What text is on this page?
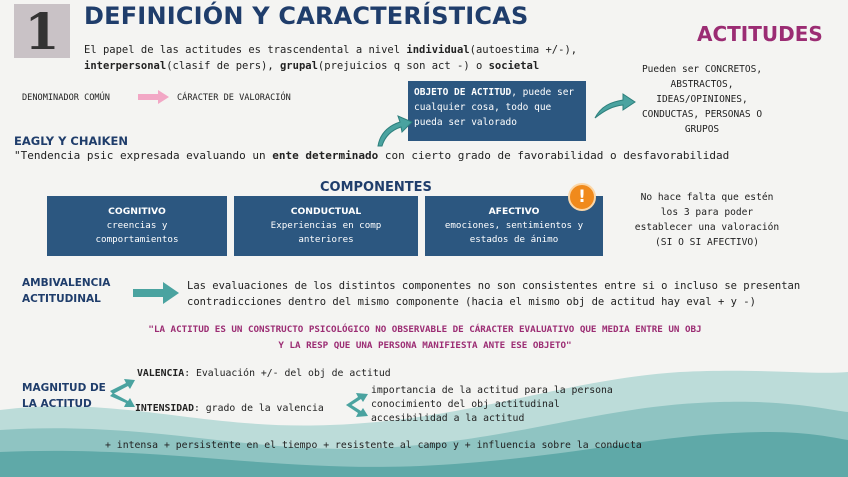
1 DEFINICIÓN Y CARACTERÍSTICAS
ACTITUDES
El papel de las actitudes es trascendental a nivel individual(autoestima +/-),
interpersonal(clasif de pers), grupal(prejuicios q son act -) o societal	Pueden ser CONCRETOS,
ABSTRACTOS,
IDEAS/OPINIONES,
CONDUCTAS, PERSONAS O
GRUPOS
DENOMINADOR COMÚN	CÁRACTER DE VALORACIÓN	OBJETO DE ACTITUD, puede ser cualquier cosa, todo que pueda ser valorado
EAGLY Y CHAIKEN
"Tendencia psic expresada evaluando un ente determinado con cierto grado de favorabilidad o desfavorabilidad
COMPONENTES
COGNITIVO
creencias y
comportamientos
CONDUCTUAL
Experiencias en comp
anteriores
AFECTIVO
emociones, sentimientos y
estados de ánimo
!	No hace falta que estén
los 3 para poder
establecer una valoración
(SI O SI AFECTIVO)
AMBIVALENCIA
ACTITUDINAL
Las evaluaciones de los distintos componentes no son consistentes entre si o incluso se presentan
contradicciones dentro del mismo componente (hacia el mismo obj de actitud hay eval + y -)
"LA ACTITUD ES UN CONSTRUCTO PSICOLÓGICO NO OBSERVABLE DE CÁRACTER EVALUATIVO QUE MEDIA ENTRE UN OBJ
Y LA RESP QUE UNA PERSONA MANIFIESTA ANTE ESE OBJETO"
MAGNITUD DE
LA ACTITUD
VALENCIA: Evaluación +/- del obj de actitud
INTENSIDAD: grado de la valencia
importancia de la actitud para la persona
conocimiento del obj actitudinal
accesibilidad a la actitud
+ intensa + persistente en el tiempo + resistente al campo y + influencia sobre la conducta
